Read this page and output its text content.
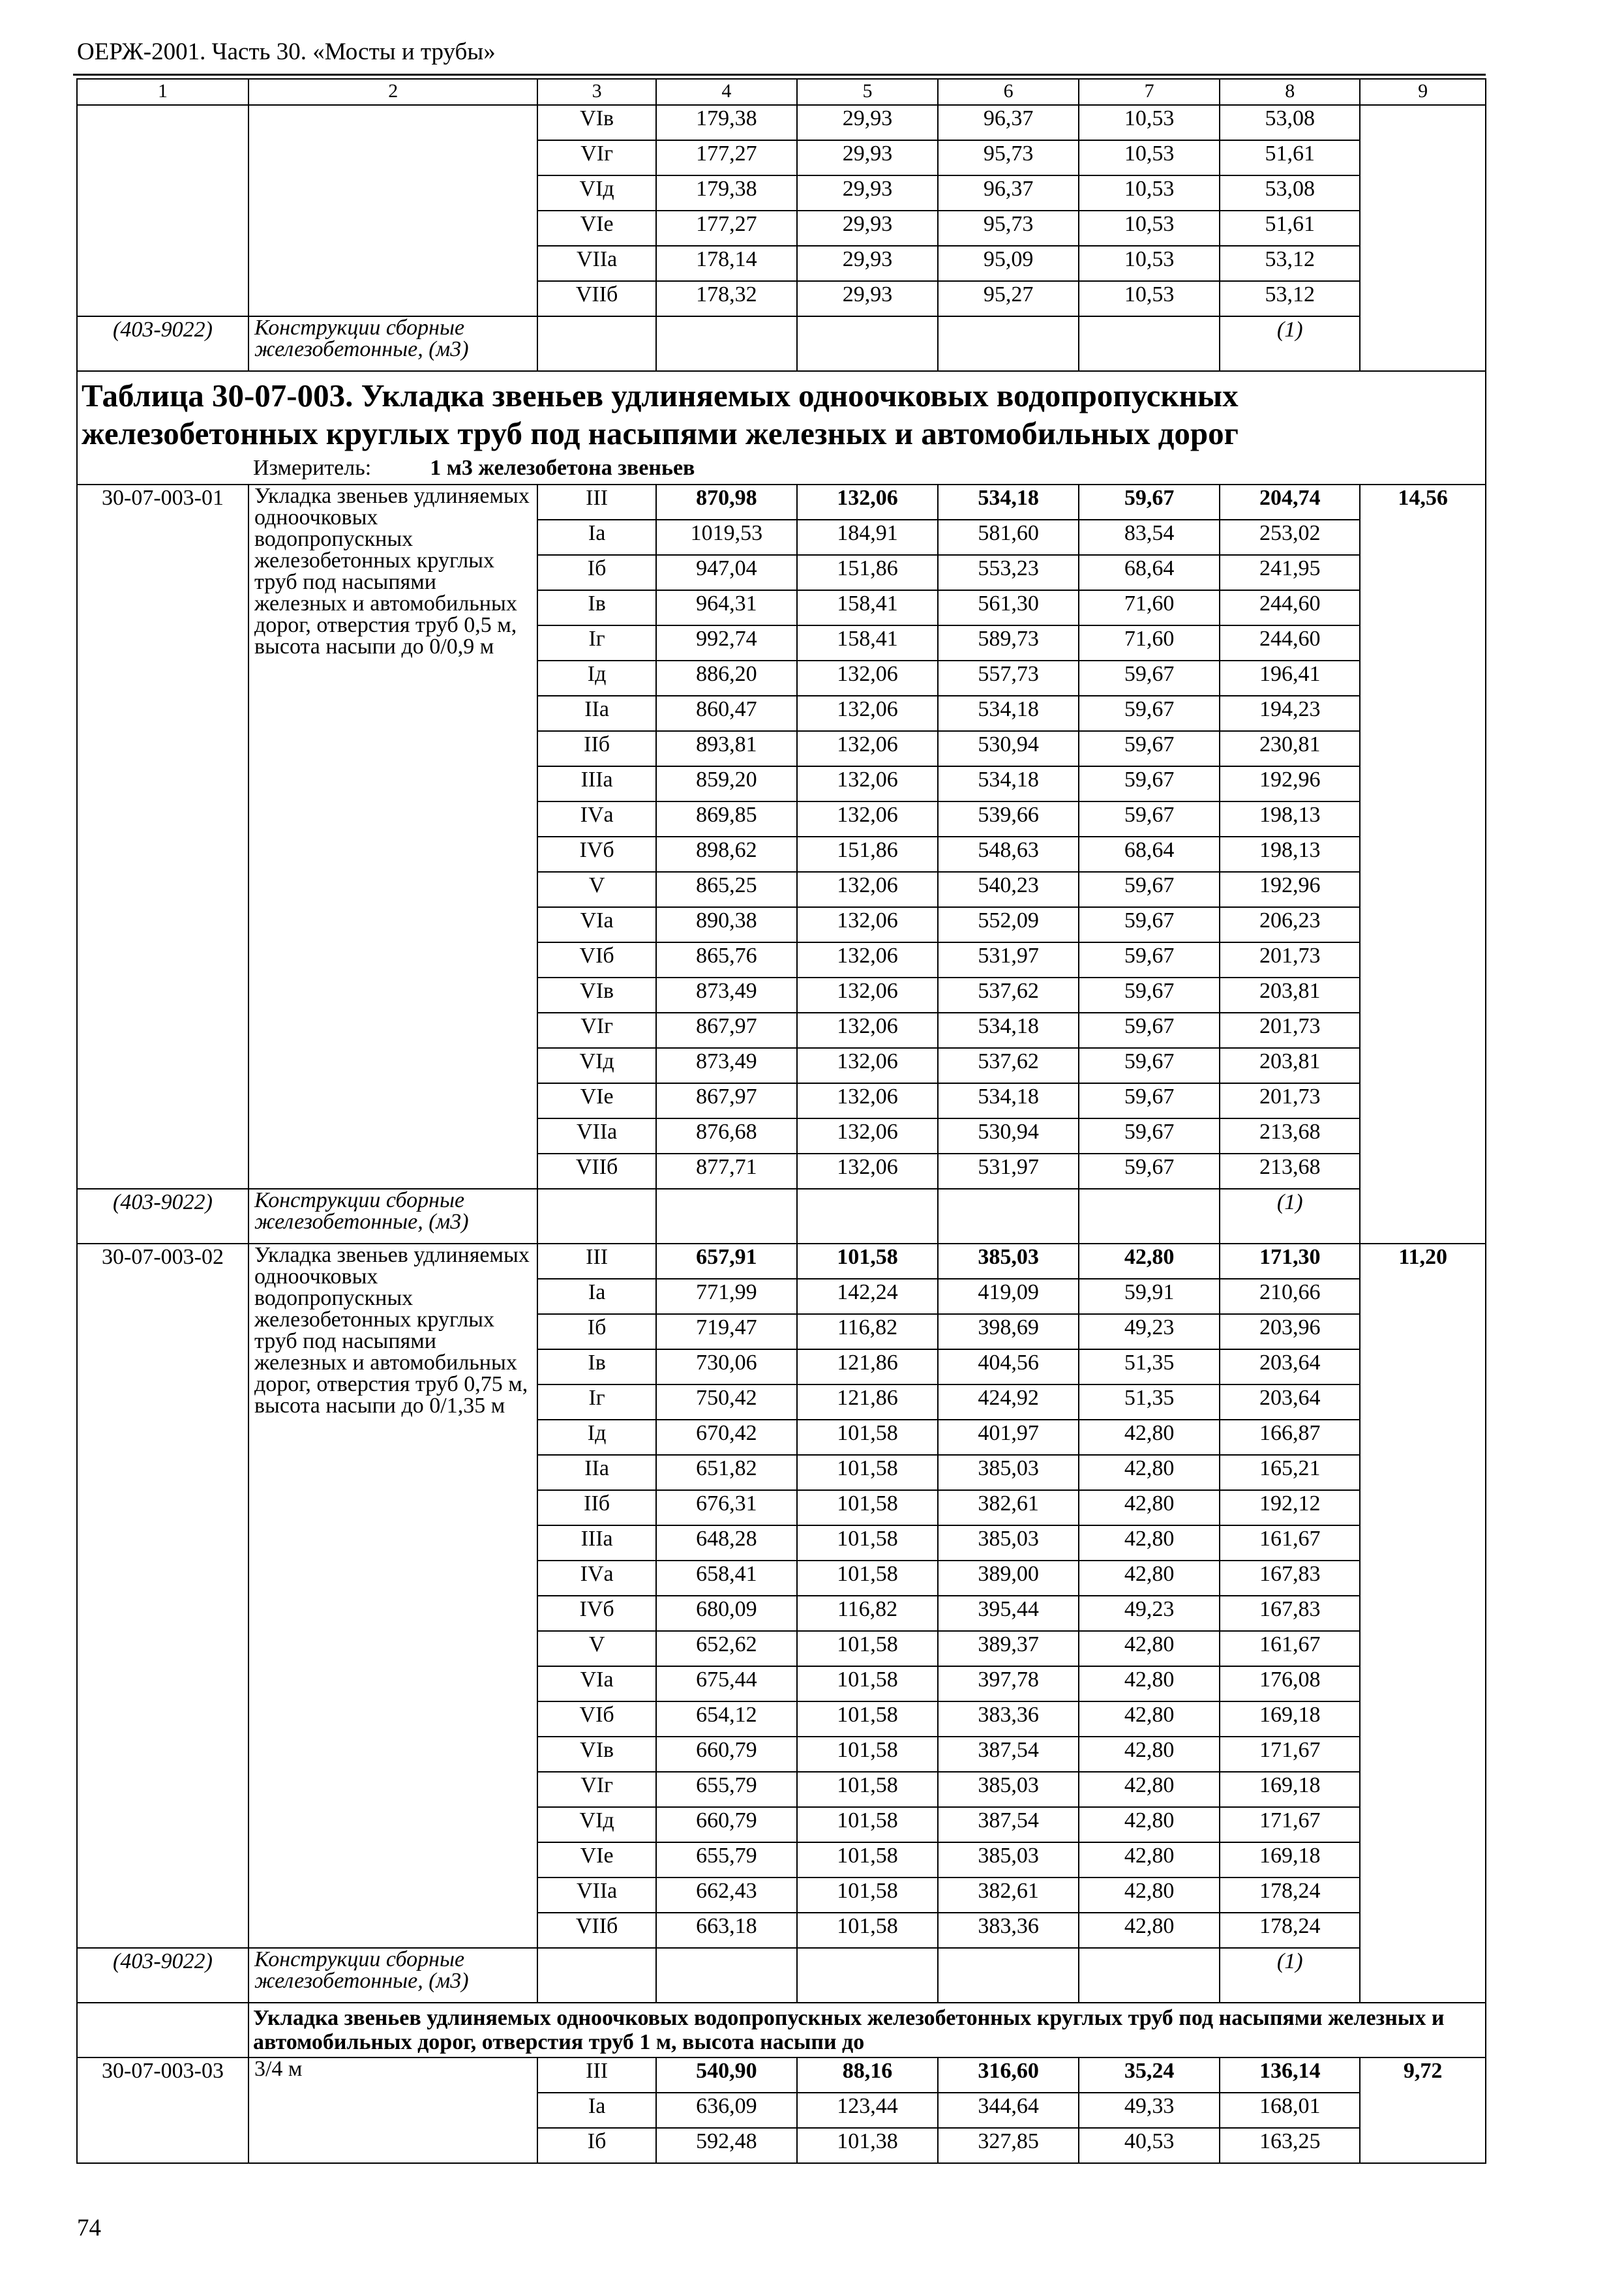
ОЕРЖ-2001. Часть 30. «Мосты и трубы»
1	2	3	4	5	6	7	8	9
		VIв	179,38	29,93	96,37	10,53	53,08	
		VIг	177,27	29,93	95,73	10,53	51,61	
		VIд	179,38	29,93	96,37	10,53	53,08	
		VIе	177,27	29,93	95,73	10,53	51,61	
		VIIа	178,14	29,93	95,09	10,53	53,12	
		VIIб	178,32	29,93	95,27	10,53	53,12	
(403-9022)	Конструкции сборные железобетонные, (м3)						(1)	

Таблица 30-07-003. Укладка звеньев удлиняемых одноочковых водопропускных железобетонных круглых труб под насыпями железных и автомобильных дорог
Измеритель: 1 м3 железобетона звеньев								

30-07-003-01	Укладка звеньев удлиняемых одноочковых водопропускных железобетонных круглых труб под насыпями железных и автомобильных дорог, отверстия труб 0,5 м, высота насыпи до 0/0,9 м	III	870,98	132,06	534,18	59,67	204,74	14,56
		Iа	1019,53	184,91	581,60	83,54	253,02	
		Iб	947,04	151,86	553,23	68,64	241,95	
		Iв	964,31	158,41	561,30	71,60	244,60	
		Iг	992,74	158,41	589,73	71,60	244,60	
		Iд	886,20	132,06	557,73	59,67	196,41	
		IIа	860,47	132,06	534,18	59,67	194,23	
		IIб	893,81	132,06	530,94	59,67	230,81	
		IIIа	859,20	132,06	534,18	59,67	192,96	
		IVа	869,85	132,06	539,66	59,67	198,13	
		IVб	898,62	151,86	548,63	68,64	198,13	
		V	865,25	132,06	540,23	59,67	192,96	
		VIа	890,38	132,06	552,09	59,67	206,23	
		VIб	865,76	132,06	531,97	59,67	201,73	
		VIв	873,49	132,06	537,62	59,67	203,81	
		VIг	867,97	132,06	534,18	59,67	201,73	
		VIд	873,49	132,06	537,62	59,67	203,81	
		VIе	867,97	132,06	534,18	59,67	201,73	
		VIIа	876,68	132,06	530,94	59,67	213,68	
		VIIб	877,71	132,06	531,97	59,67	213,68	
(403-9022)	Конструкции сборные железобетонные, (м3)						(1)	
30-07-003-02	Укладка звеньев удлиняемых одноочковых водопропускных железобетонных круглых труб под насыпями железных и автомобильных дорог, отверстия труб 0,75 м, высота насыпи до 0/1,35 м	III	657,91	101,58	385,03	42,80	171,30	11,20
		Iа	771,99	142,24	419,09	59,91	210,66	
		Iб	719,47	116,82	398,69	49,23	203,96	
		Iв	730,06	121,86	404,56	51,35	203,64	
		Iг	750,42	121,86	424,92	51,35	203,64	
		Iд	670,42	101,58	401,97	42,80	166,87	
		IIа	651,82	101,58	385,03	42,80	165,21	
		IIб	676,31	101,58	382,61	42,80	192,12	
		IIIа	648,28	101,58	385,03	42,80	161,67	
		IVа	658,41	101,58	389,00	42,80	167,83	
		IVб	680,09	116,82	395,44	49,23	167,83	
		V	652,62	101,58	389,37	42,80	161,67	
		VIа	675,44	101,58	397,78	42,80	176,08	
		VIб	654,12	101,58	383,36	42,80	169,18	
		VIв	660,79	101,58	387,54	42,80	171,67	
		VIг	655,79	101,58	385,03	42,80	169,18	
		VIд	660,79	101,58	387,54	42,80	171,67	
		VIе	655,79	101,58	385,03	42,80	169,18	
		VIIа	662,43	101,58	382,61	42,80	178,24	
		VIIб	663,18	101,58	383,36	42,80	178,24	
(403-9022)	Конструкции сборные железобетонные, (м3)						(1)	
	Укладка звеньев удлиняемых одноочковых водопропускных железобетонных круглых труб под насыпями железных и автомобильных дорог, отверстия труб 1 м, высота насыпи до							
30-07-003-03	3/4 м	III	540,90	88,16	316,60	35,24	136,14	9,72
		Iа	636,09	123,44	344,64	49,33	168,01	
		Iб	592,48	101,38	327,85	40,53	163,25	
74
